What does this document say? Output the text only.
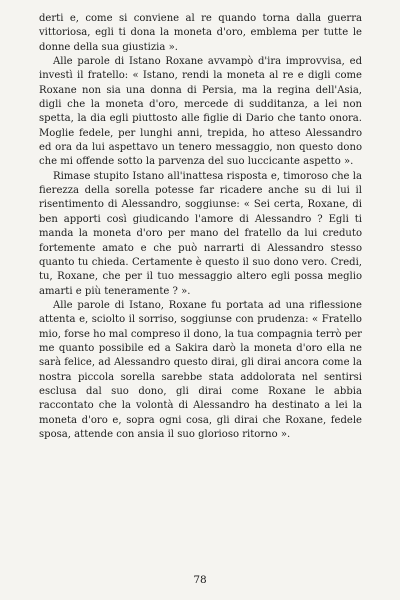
derti e, come si conviene al re quando torna dalla guerra vittoriosa, egli ti dona la moneta d'oro, emblema per tutte le donne della sua giustizia ».

Alle parole di Istano Roxane avvampò d'ira improvvisa, ed investì il fratello: « Istano, rendi la moneta al re e digli come Roxane non sia una donna di Persia, ma la regina dell'Asia, digli che la moneta d'oro, mercede di sudditanza, a lei non spetta, la dia egli piuttosto alle figlie di Dario che tanto onora. Moglie fedele, per lunghi anni, trepida, ho atteso Alessandro ed ora da lui aspettavo un tenero messaggio, non questo dono che mi offende sotto la parvenza del suo luccicante aspetto ».

Rimase stupito Istano all'inattesa risposta e, timoroso che la fierezza della sorella potesse far ricadere anche su di lui il risentimento di Alessandro, soggiunse: « Sei certa, Roxane, di ben apporti così giudicando l'amore di Alessandro ? Egli ti manda la moneta d'oro per mano del fratello da lui creduto fortemente amato e che può narrarti di Alessandro stesso quanto tu chieda. Certamente è questo il suo dono vero. Credi, tu, Roxane, che per il tuo messaggio altero egli possa meglio amarti e più teneramente ? ».

Alle parole di Istano, Roxane fu portata ad una riflessione attenta e, sciolto il sorriso, soggiunse con prudenza: « Fratello mio, forse ho mal compreso il dono, la tua compagnia terrò per me quanto possibile ed a Sakira darò la moneta d'oro ella ne sarà felice, ad Alessandro questo dirai, gli dirai ancora come la nostra piccola sorella sarebbe stata addolorata nel sentirsi esclusa dal suo dono, gli dirai come Roxane le abbia raccontato che la volontà di Alessandro ha destinato a lei la moneta d'oro e, sopra ogni cosa, gli dirai che Roxane, fedele sposa, attende con ansia il suo glorioso ritorno ».

78
